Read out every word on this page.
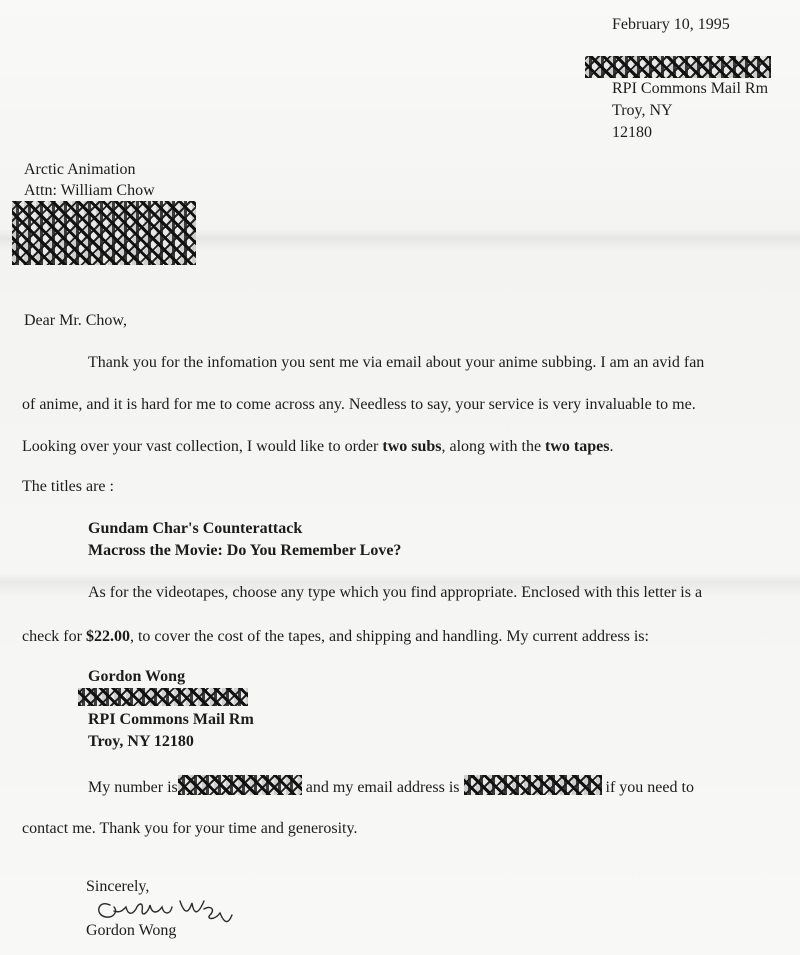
February 10, 1995
RPI Commons Mail Rm
Troy, NY
12180
Arctic Animation
Attn: William Chow
Dear Mr. Chow,
Thank you for the infomation you sent me via email about your anime subbing. I am an avid fan
of anime, and it is hard for me to come across any. Needless to say, your service is very invaluable to me.
Looking over your vast collection, I would like to order two subs, along with the two tapes.
The titles are :
Gundam Char's Counterattack
Macross the Movie: Do You Remember Love?
As for the videotapes, choose any type which you find appropriate. Enclosed with this letter is a
check for $22.00, to cover the cost of the tapes, and shipping and handling. My current address is:
Gordon Wong
RPI Commons Mail Rm
Troy, NY 12180
My number is	and my email address is	if you need to
contact me. Thank you for your time and generosity.
Sincerely,
Gordon Wong
